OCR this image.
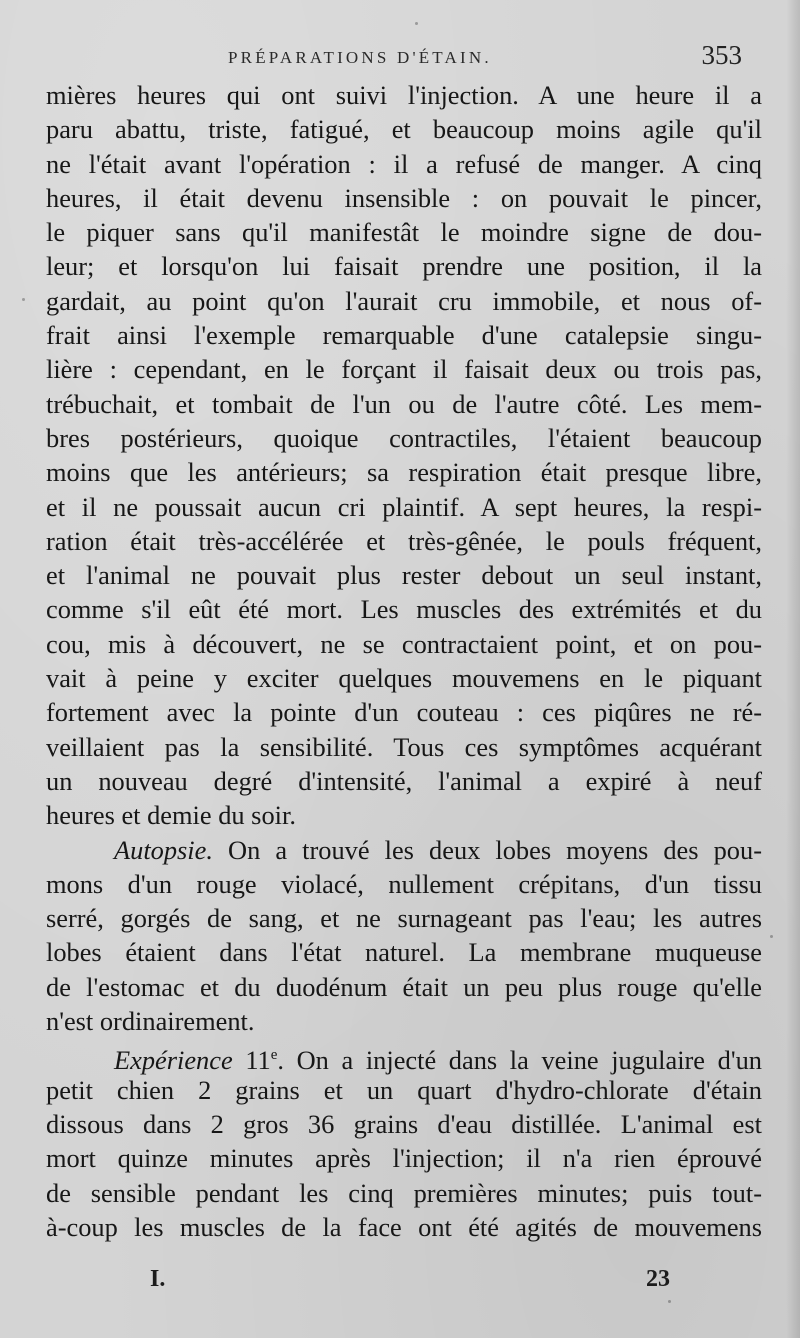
PRÉPARATIONS D'ÉTAIN.	353
mières heures qui ont suivi l'injection. A une heure il a
paru abattu, triste, fatigué, et beaucoup moins agile qu'il
ne l'était avant l'opération : il a refusé de manger. A cinq
heures, il était devenu insensible : on pouvait le pincer,
le piquer sans qu'il manifestât le moindre signe de dou-
leur; et lorsqu'on lui faisait prendre une position, il la
gardait, au point qu'on l'aurait cru immobile, et nous of-
frait ainsi l'exemple remarquable d'une catalepsie singu-
lière : cependant, en le forçant il faisait deux ou trois pas,
trébuchait, et tombait de l'un ou de l'autre côté. Les mem-
bres postérieurs, quoique contractiles, l'étaient beaucoup
moins que les antérieurs; sa respiration était presque libre,
et il ne poussait aucun cri plaintif. A sept heures, la respi-
ration était très-accélérée et très-gênée, le pouls fréquent,
et l'animal ne pouvait plus rester debout un seul instant,
comme s'il eût été mort. Les muscles des extrémités et du
cou, mis à découvert, ne se contractaient point, et on pou-
vait à peine y exciter quelques mouvemens en le piquant
fortement avec la pointe d'un couteau : ces piqûres ne ré-
veillaient pas la sensibilité. Tous ces symptômes acquérant
un nouveau degré d'intensité, l'animal a expiré à neuf
heures et demie du soir.
Autopsie. On a trouvé les deux lobes moyens des pou-
mons d'un rouge violacé, nullement crépitans, d'un tissu
serré, gorgés de sang, et ne surnageant pas l'eau; les autres
lobes étaient dans l'état naturel. La membrane muqueuse
de l'estomac et du duodénum était un peu plus rouge qu'elle
n'est ordinairement.
Expérience 11e. On a injecté dans la veine jugulaire d'un
petit chien 2 grains et un quart d'hydro-chlorate d'étain
dissous dans 2 gros 36 grains d'eau distillée. L'animal est
mort quinze minutes après l'injection; il n'a rien éprouvé
de sensible pendant les cinq premières minutes; puis tout-
à-coup les muscles de la face ont été agités de mouvemens
I.	23
